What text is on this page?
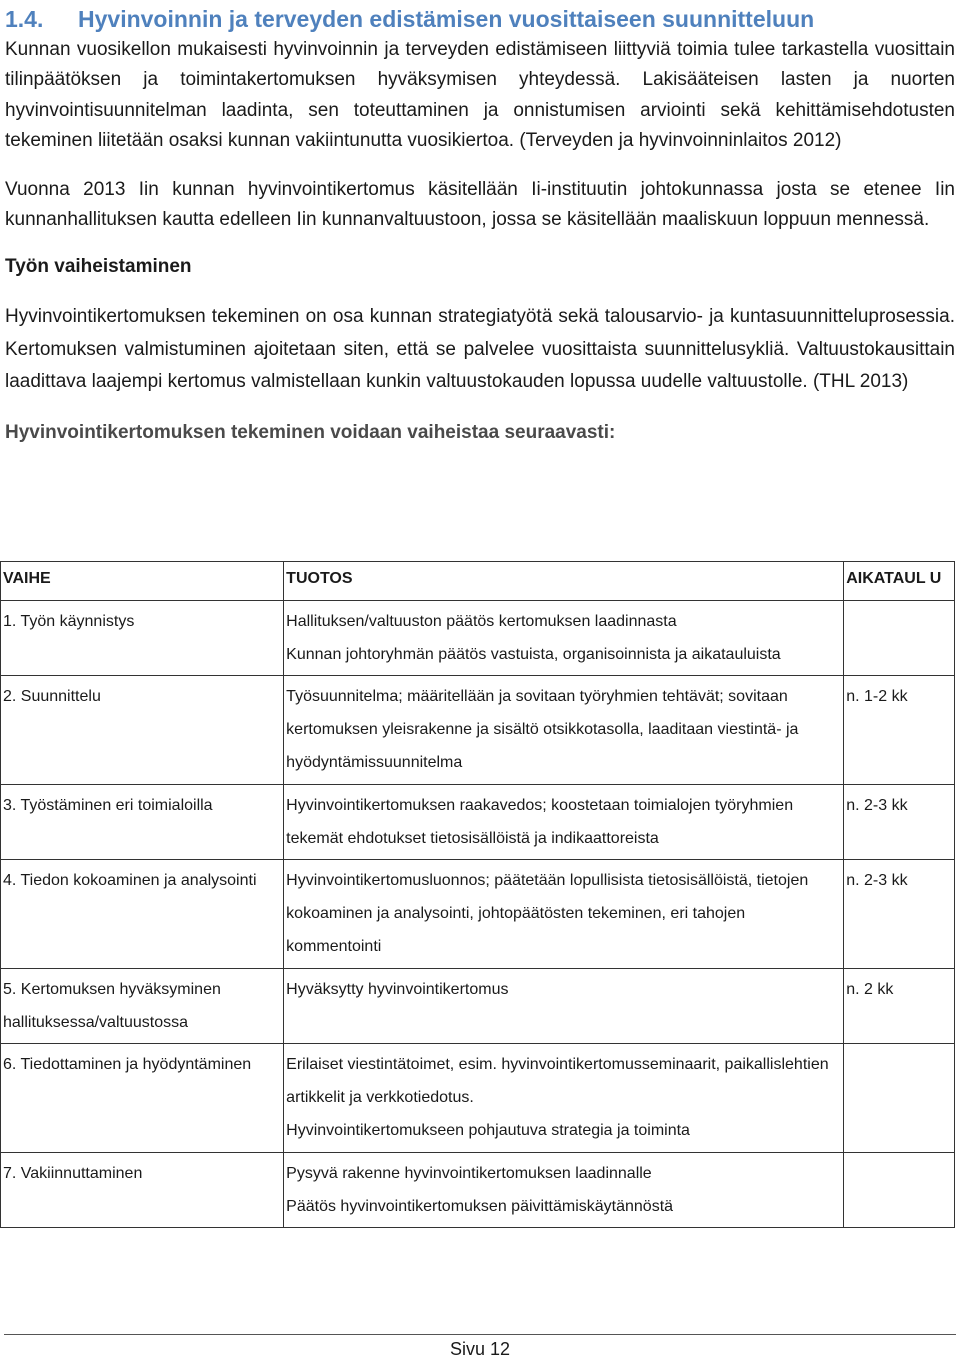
1.4. Hyvinvoinnin ja terveyden edistämisen vuosittaiseen suunnitteluun

Kunnan vuosikellon mukaisesti hyvinvoinnin ja terveyden edistämiseen liittyviä toimia tulee tarkastella vuosittain tilinpäätöksen ja toimintakertomuksen hyväksymisen yhteydessä. Lakisääteisen lasten ja nuorten hyvinvointisuunnitelman laadinta, sen toteuttaminen ja onnistumisen arviointi sekä kehittämisehdotusten tekeminen liitetään osaksi kunnan vakiintunutta vuosikiertoa. (Terveyden ja hyvinvoinninlaitos 2012)

Vuonna 2013 Iin kunnan hyvinvointikertomus käsitellään Ii-instituutin johtokunnassa josta se etenee Iin kunnanhallituksen kautta edelleen Iin kunnanvaltuustoon, jossa se käsitellään maaliskuun loppuun mennessä.

Työn vaiheistaminen

Hyvinvointikertomuksen tekeminen on osa kunnan strategiatyötä sekä talousarvio- ja kuntasuunnitteluprosessia. Kertomuksen valmistuminen ajoitetaan siten, että se palvelee vuosittaista suunnittelusykliä. Valtuustokausittain laadittava laajempi kertomus valmistellaan kunkin valtuustokauden lopussa uudelle valtuustolle. (THL 2013)

Hyvinvointikertomuksen tekeminen voidaan vaiheistaa seuraavasti:
VAIHE	TUOTOS	AIKATAUL U
1. Työn käynnistys	Hallituksen/valtuuston päätös kertomuksen laadinnasta
Kunnan johtoryhmän päätös vastuista, organisoinnista ja aikatauluista	

2. Suunnittelu	Työsuunnitelma; määritellään ja sovitaan työryhmien tehtävät; sovitaan kertomuksen yleisrakenne ja sisältö otsikkotasolla, laaditaan viestintä- ja hyödyntämissuunnitelma	n. 1-2 kk
3. Työstäminen eri toimialoilla	Hyvinvointikertomuksen raakavedos; koostetaan toimialojen työryhmien tekemät ehdotukset tietosisällöistä ja indikaattoreista	n. 2-3 kk
4. Tiedon kokoaminen ja analysointi	Hyvinvointikertomusluonnos; päätetään lopullisista tietosisällöistä, tietojen kokoaminen ja analysointi, johtopäätösten tekeminen, eri tahojen kommentointi	n. 2-3 kk
5. Kertomuksen hyväksyminen hallituksessa/valtuustossa	Hyväksytty hyvinvointikertomus	n. 2 kk
6. Tiedottaminen ja hyödyntäminen	Erilaiset viestintätoimet, esim. hyvinvointikertomusseminaarit, paikallislehtien artikkelit ja verkkotiedotus.
Hyvinvointikertomukseen pohjautuva strategia ja toiminta	

7. Vakiinnuttaminen	Pysyvä rakenne hyvinvointikertomuksen laadinnalle
Päätös hyvinvointikertomuksen päivittämiskäytännöstä	

Sivu 12
